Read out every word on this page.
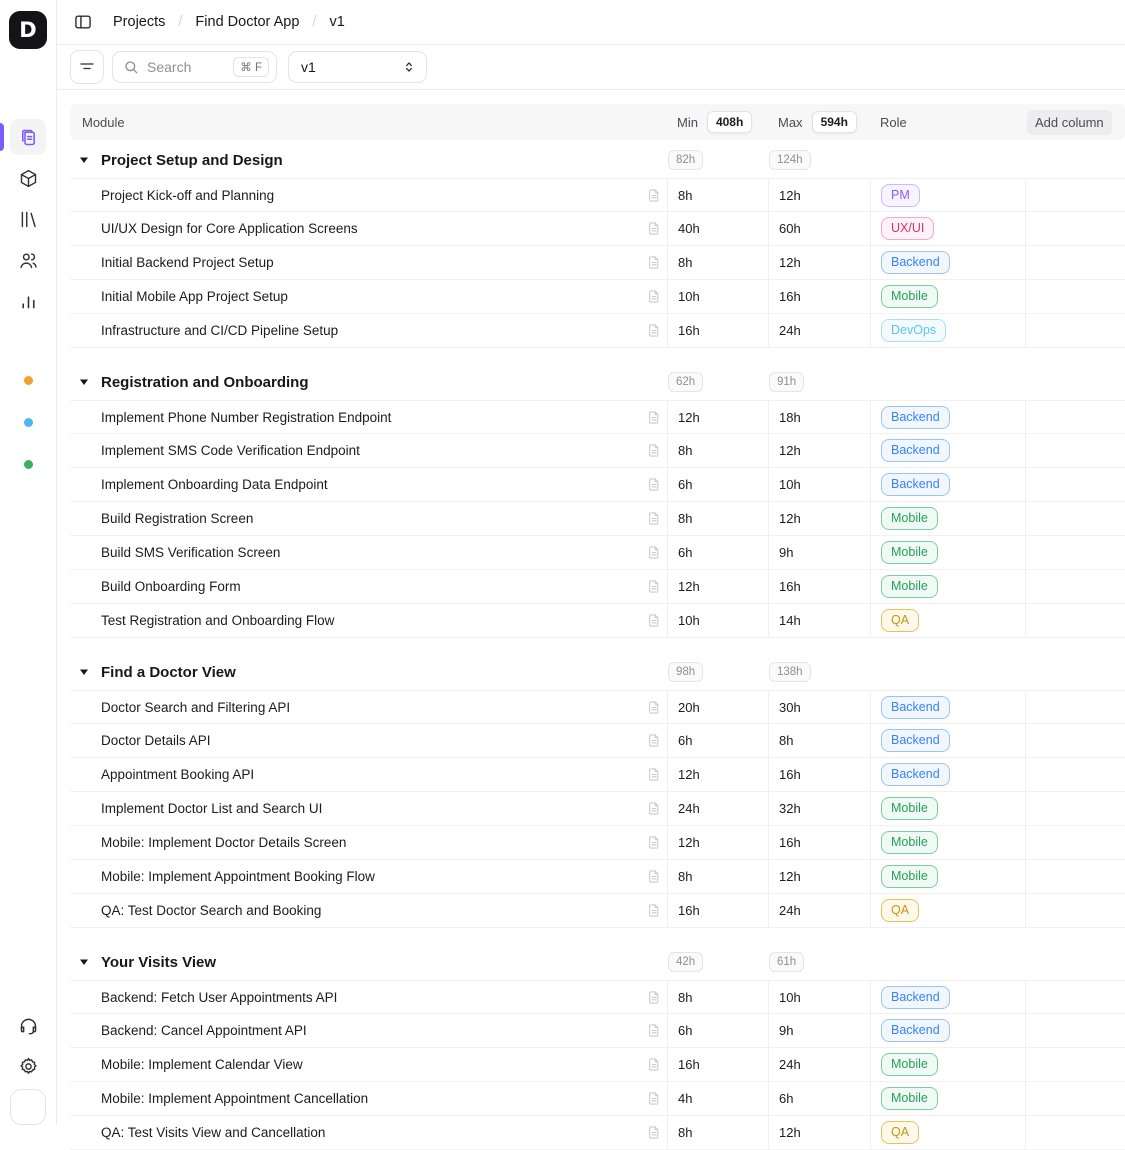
D	Projects / Find Doctor App / v1
Search
⌘ F	v1
Module	Min	408h	Max	594h	Role	Add column
Project Setup and Design	82h	124h
Project Kick-off and Planning	8h	12h	PM
UI/UX Design for Core Application Screens	40h	60h	UX/UI
Initial Backend Project Setup	8h	12h	Backend
Initial Mobile App Project Setup	10h	16h	Mobile
Infrastructure and CI/CD Pipeline Setup	16h	24h	DevOps
Registration and Onboarding	62h	91h
Implement Phone Number Registration Endpoint	12h	18h	Backend
Implement SMS Code Verification Endpoint	8h	12h	Backend
Implement Onboarding Data Endpoint	6h	10h	Backend
Build Registration Screen	8h	12h	Mobile
Build SMS Verification Screen	6h	9h	Mobile
Build Onboarding Form	12h	16h	Mobile
Test Registration and Onboarding Flow	10h	14h	QA
Find a Doctor View	98h	138h
Doctor Search and Filtering API	20h	30h	Backend
Doctor Details API	6h	8h	Backend
Appointment Booking API	12h	16h	Backend
Implement Doctor List and Search UI	24h	32h	Mobile
Mobile: Implement Doctor Details Screen	12h	16h	Mobile
Mobile: Implement Appointment Booking Flow	8h	12h	Mobile
QA: Test Doctor Search and Booking	16h	24h	QA
Your Visits View	42h	61h
Backend: Fetch User Appointments API	8h	10h	Backend
Backend: Cancel Appointment API	6h	9h	Backend
Mobile: Implement Calendar View	16h	24h	Mobile
Mobile: Implement Appointment Cancellation	4h	6h	Mobile
QA: Test Visits View and Cancellation	8h	12h	QA
